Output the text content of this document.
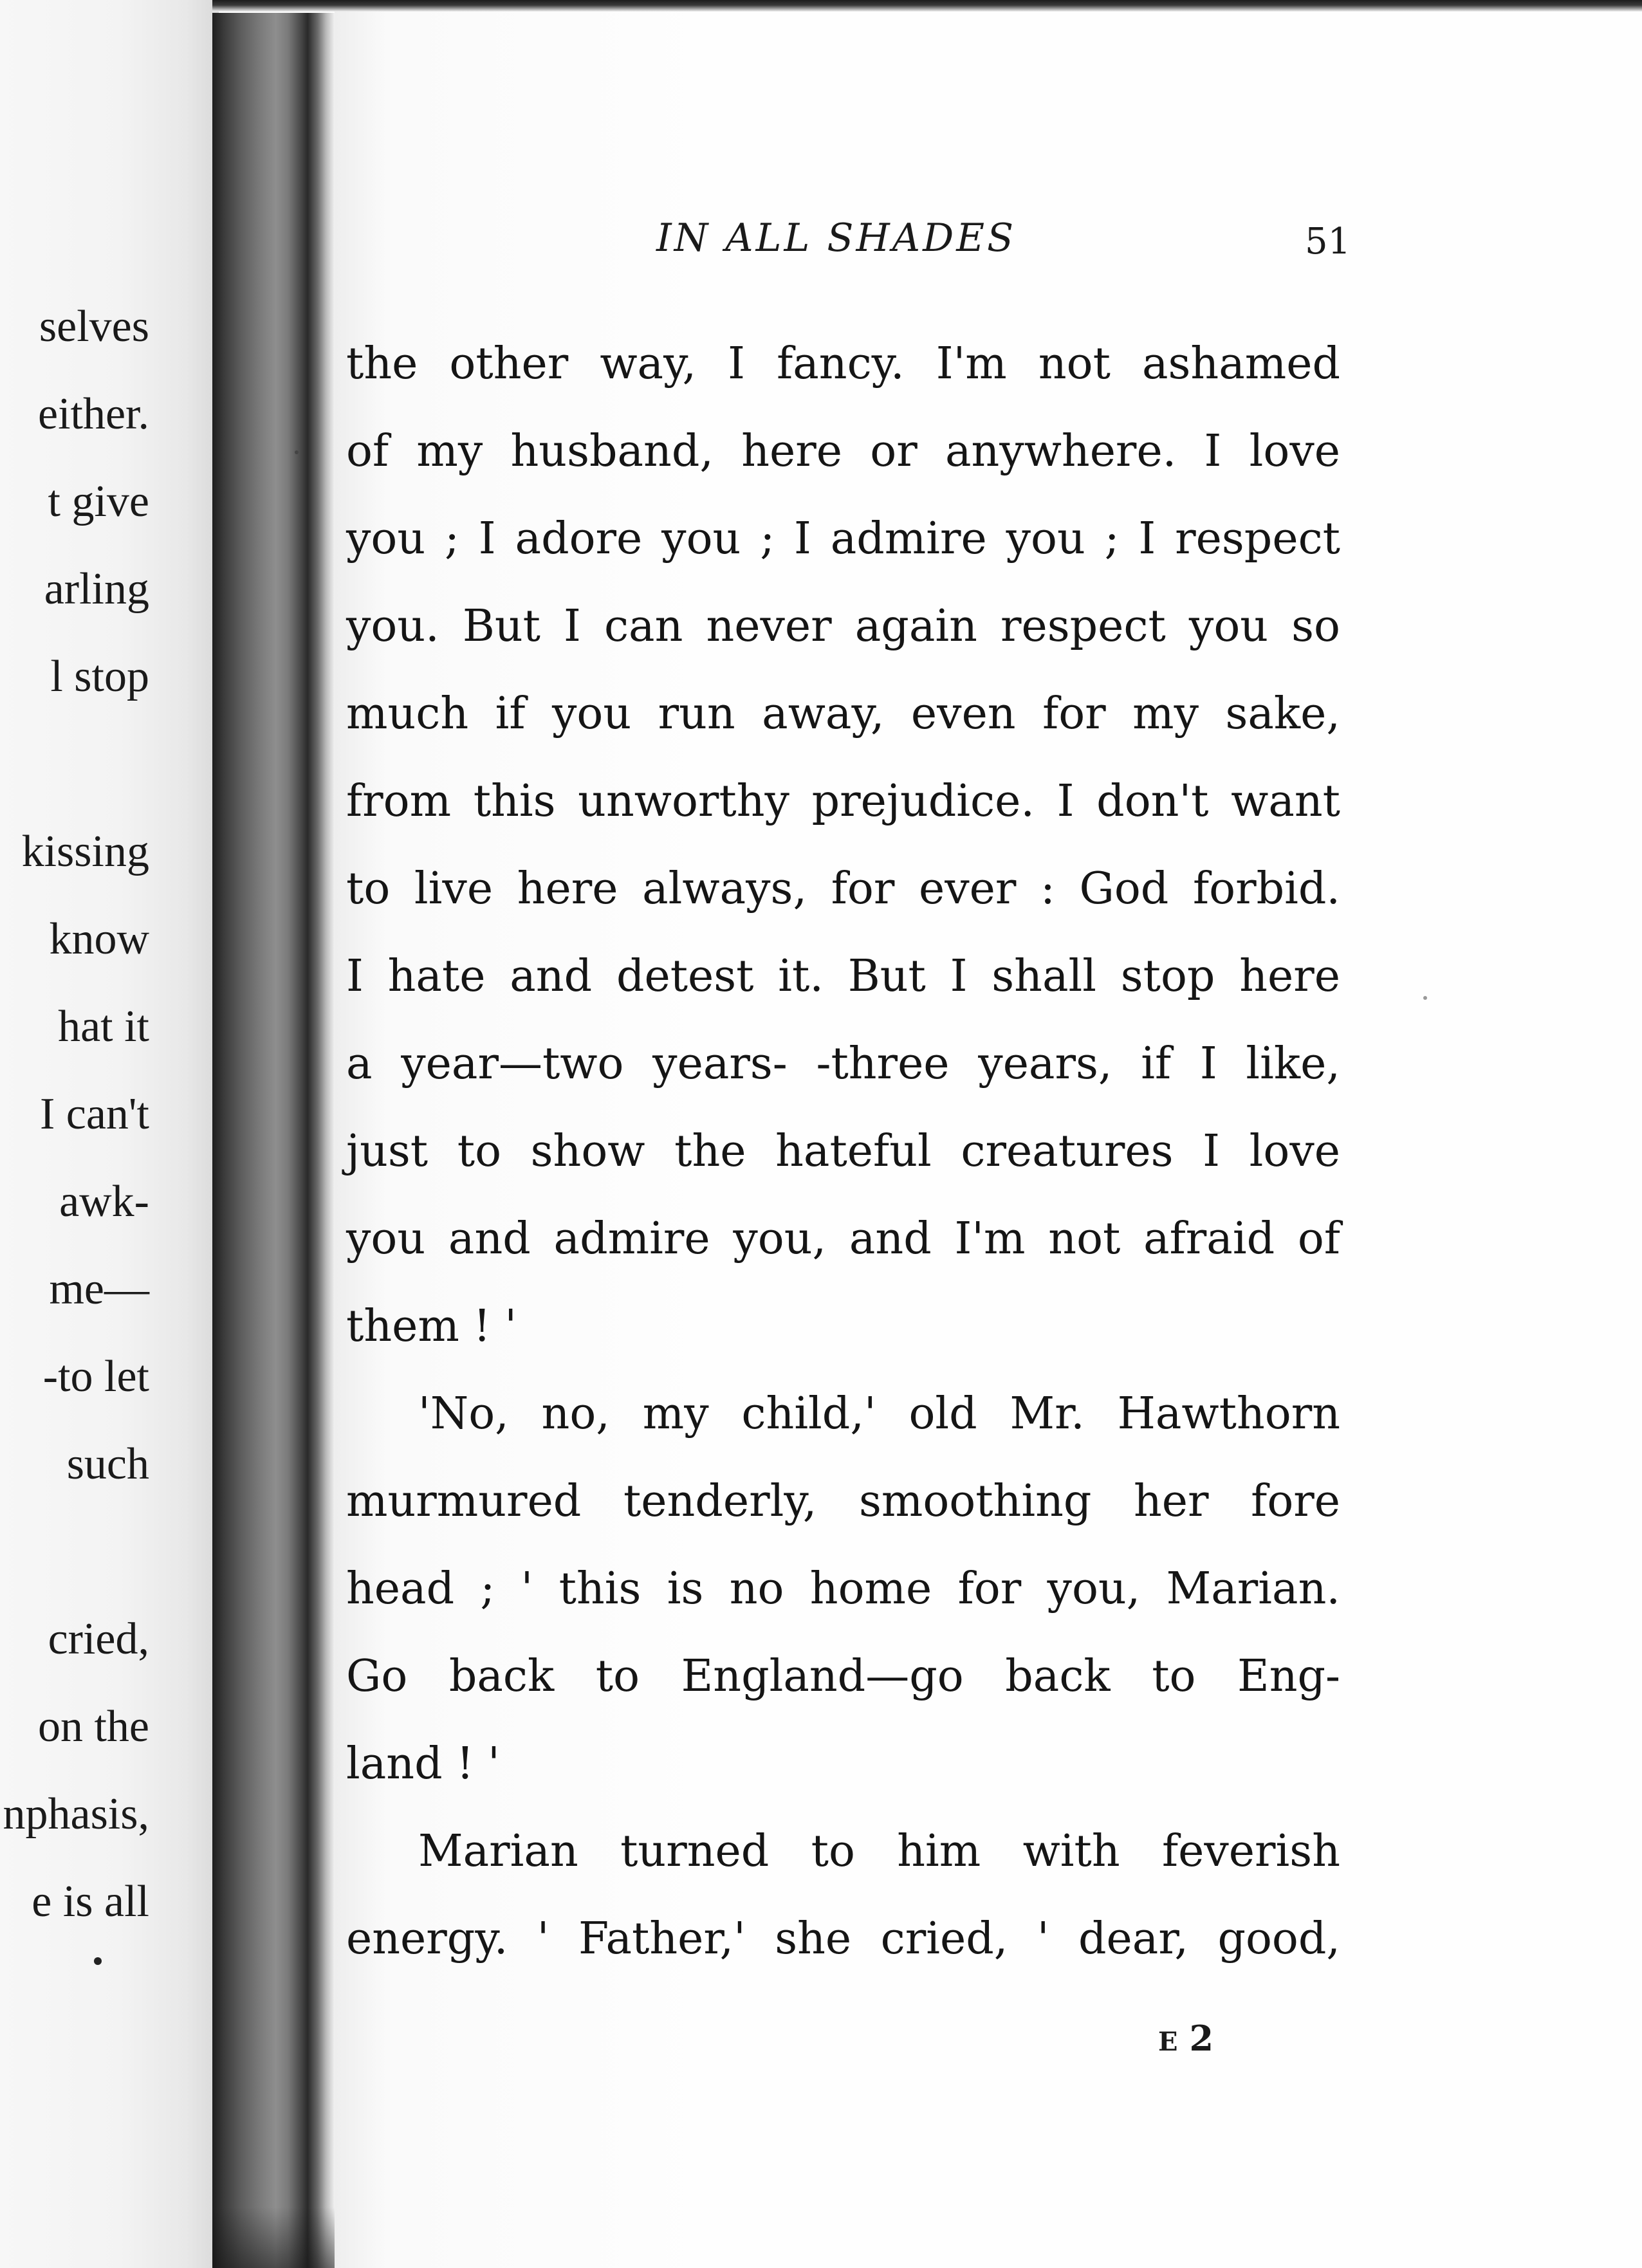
selves
either.
t give
arling
l stop
kissing
know
hat it
I can't
awk-
me—
-to let
such
cried,
on the
nphasis,
e is all
IN ALL SHADES	51
the other way, I fancy. I'm not ashamed
of my husband, here or anywhere. I love
you ; I adore you ; I admire you ; I respect
you. But I can never again respect you so
much if you run away, even for my sake,
from this unworthy prejudice. I don't want
to live here always, for ever : God forbid.
I hate and detest it. But I shall stop here
a year—two years- -three years, if I like,
just to show the hateful creatures I love
you and admire you, and I'm not afraid of
them ! '
'No, no, my child,' old Mr. Hawthorn
murmured tenderly, smoothing her fore
head ; ' this is no home for you, Marian.
Go back to England—go back to Eng-
land ! '
Marian turned to him with feverish
energy. ' Father,' she cried, ' dear, good,
E2
